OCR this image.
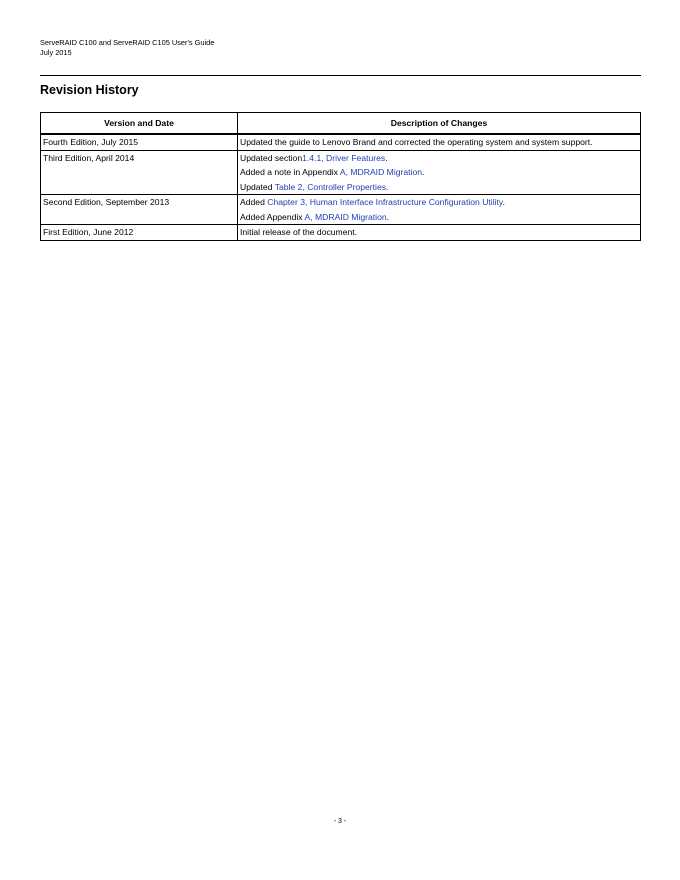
ServeRAID C100 and ServeRAID C105 User's Guide
July 2015
Revision History
Version and Date	Description of Changes
Fourth Edition, July 2015	Updated the guide to Lenovo Brand and corrected the operating system and system support.

Third Edition, April 2014	Updated section1.4.1, Driver Features.
Added a note in Appendix A, MDRAID Migration.
Updated Table 2, Controller Properties.

Second Edition, September 2013	Added Chapter 3, Human Interface Infrastructure Configuration Utility.
Added Appendix A, MDRAID Migration.

First Edition, June 2012	Initial release of the document.
- 3 -
